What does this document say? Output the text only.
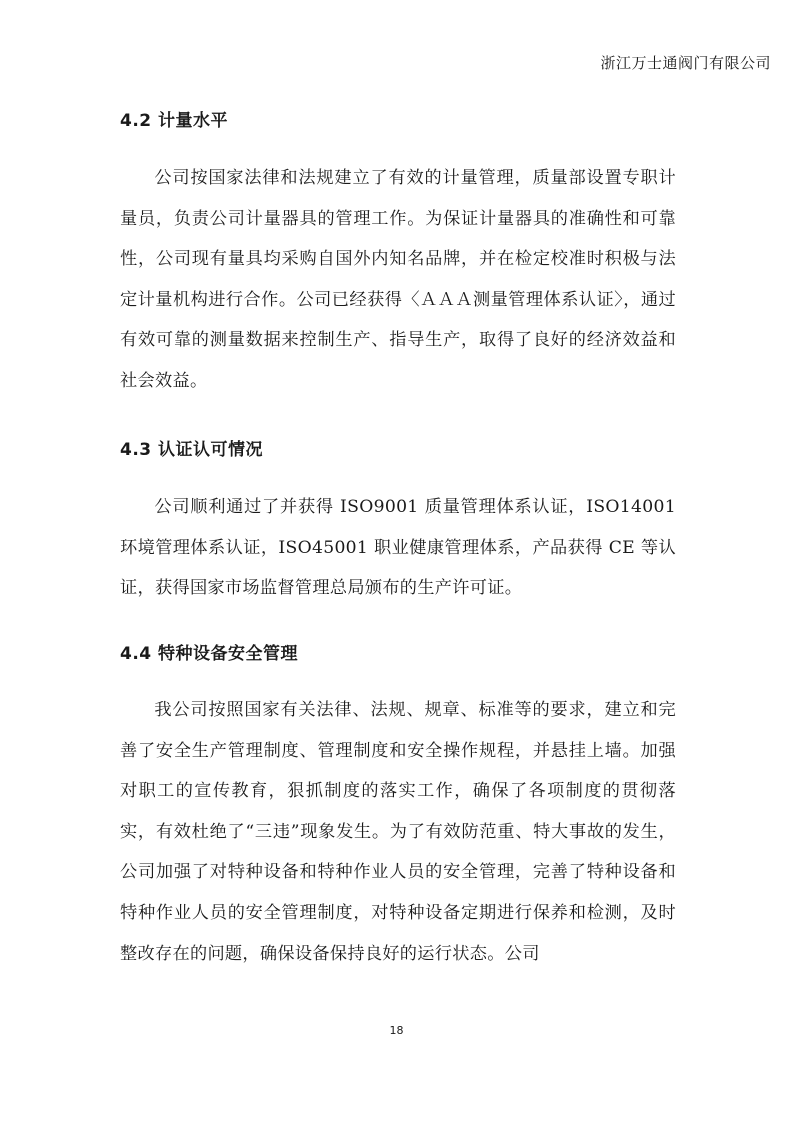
浙江万士通阀门有限公司
4.2 计量水平
公司按国家法律和法规建立了有效的计量管理，质量部设置专职计量员，负责公司计量器具的管理工作。为保证计量器具的准确性和可靠性，公司现有量具均采购自国外内知名品牌，并在检定校准时积极与法定计量机构进行合作。公司已经获得〈ＡＡＡ测量管理体系认证〉，通过有效可靠的测量数据来控制生产、指导生产，取得了良好的经济效益和社会效益。
4.3 认证认可情况
公司顺利通过了并获得 ISO9001 质量管理体系认证，ISO14001 环境管理体系认证，ISO45001 职业健康管理体系，产品获得 CE 等认证，获得国家市场监督管理总局颁布的生产许可证。
4.4 特种设备安全管理
我公司按照国家有关法律、法规、规章、标准等的要求，建立和完善了安全生产管理制度、管理制度和安全操作规程，并悬挂上墙。加强对职工的宣传教育，狠抓制度的落实工作，确保了各项制度的贯彻落实，有效杜绝了“三违”现象发生。为了有效防范重、特大事故的发生，公司加强了对特种设备和特种作业人员的安全管理，完善了特种设备和特种作业人员的安全管理制度，对特种设备定期进行保养和检测，及时整改存在的问题，确保设备保持良好的运行状态。公司
18
